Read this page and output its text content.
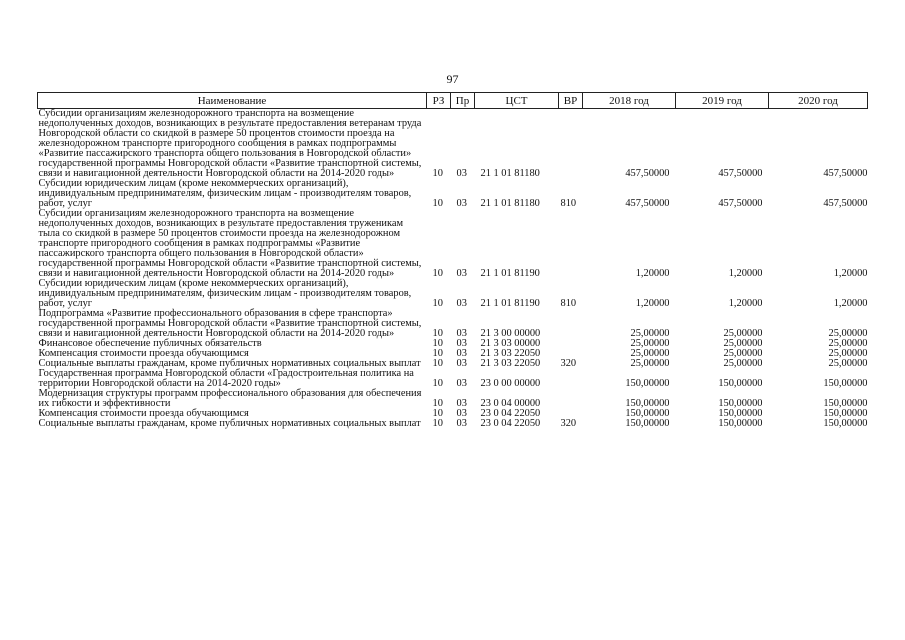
97
Наименование	РЗ	Пр	ЦСТ	ВР	2018 год	2019 год	2020 год
Субсидии организациям железнодорожного транспорта на возмещение недополученных доходов, возникающих в результате предоставления ветеранам труда Новгородской области со скидкой в размере 50 процентов стоимости проезда на железнодорожном транспорте пригородного сообщения в рамках подпрограммы «Развитие пассажирского транспорта общего пользования в Новгородской области» государственной программы Новгородской области «Развитие транспортной системы, связи и навигационной деятельности Новгородской области на 2014-2020 годы»	10	03	21 1 01 81180		457,50000	457,50000	457,50000
Субсидии юридическим лицам (кроме некоммерческих организаций), индивидуальным предпринимателям, физическим лицам - производителям товаров, работ, услуг	10	03	21 1 01 81180	810	457,50000	457,50000	457,50000
Субсидии организациям железнодорожного транспорта на возмещение недополученных доходов, возникающих в результате предоставления труженикам тыла со скидкой в размере 50 процентов стоимости проезда на железнодорожном транспорте пригородного сообщения в рамках подпрограммы «Развитие пассажирского транспорта общего пользования в Новгородской области» государственной программы Новгородской области «Развитие транспортной системы, связи и навигационной деятельности Новгородской области на 2014-2020 годы»	10	03	21 1 01 81190		1,20000	1,20000	1,20000
Субсидии юридическим лицам (кроме некоммерческих организаций), индивидуальным предпринимателям, физическим лицам - производителям товаров, работ, услуг	10	03	21 1 01 81190	810	1,20000	1,20000	1,20000
Подпрограмма «Развитие профессионального образования в сфере транспорта» государственной программы Новгородской области «Развитие транспортной системы, связи и навигационной деятельности Новгородской области на 2014-2020 годы»	10	03	21 3 00 00000		25,00000	25,00000	25,00000
Финансовое обеспечение публичных обязательств	10	03	21 3 03 00000		25,00000	25,00000	25,00000
Компенсация стоимости проезда обучающимся	10	03	21 3 03 22050		25,00000	25,00000	25,00000
Социальные выплаты гражданам, кроме публичных нормативных социальных выплат	10	03	21 3 03 22050	320	25,00000	25,00000	25,00000
Государственная программа Новгородской области «Градостроительная политика на территории Новгородской области на 2014-2020 годы»	10	03	23 0 00 00000		150,00000	150,00000	150,00000
Модернизация структуры программ профессионального образования для обеспечения их гибкости и эффективности	10	03	23 0 04 00000		150,00000	150,00000	150,00000
Компенсация стоимости проезда обучающимся	10	03	23 0 04 22050		150,00000	150,00000	150,00000
Социальные выплаты гражданам, кроме публичных нормативных социальных выплат	10	03	23 0 04 22050	320	150,00000	150,00000	150,00000
